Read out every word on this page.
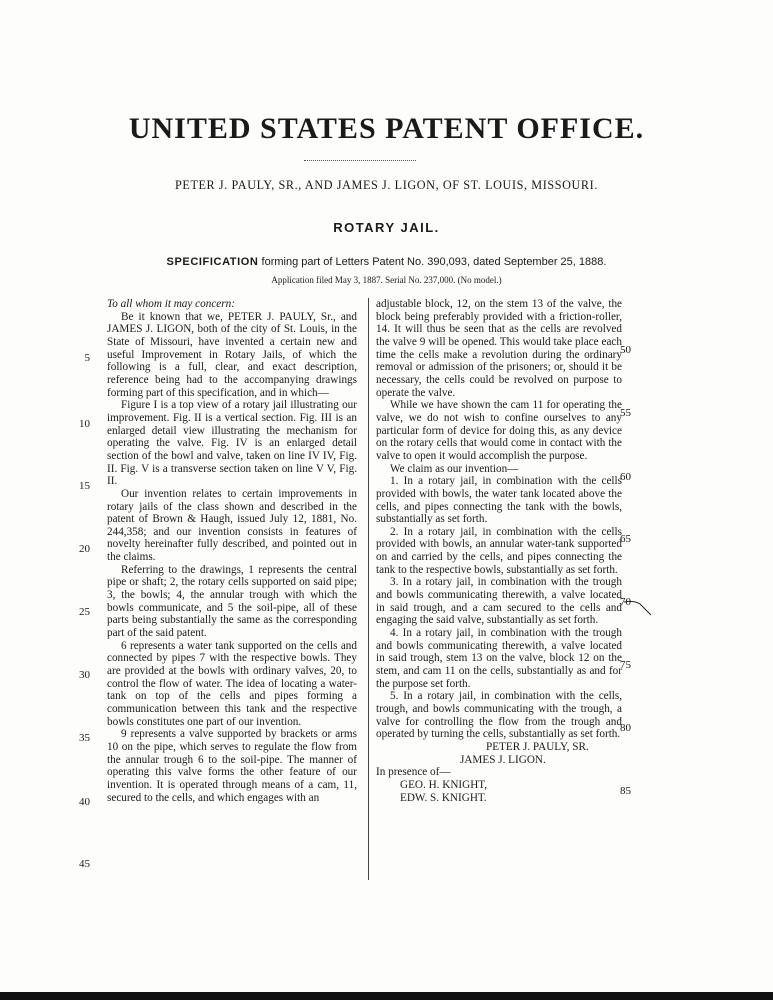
UNITED STATES PATENT OFFICE.

PETER J. PAULY, SR., AND JAMES J. LIGON, OF ST. LOUIS, MISSOURI.

ROTARY JAIL.

SPECIFICATION forming part of Letters Patent No. 390,093, dated September 25, 1888.

Application filed May 3, 1887. Serial No. 237,000. (No model.)

To all whom it may concern:

Be it known that we, PETER J. PAULY, Sr., and JAMES J. LIGON, both of the city of St. Louis, in the State of Missouri, have invented a certain new and useful Improvement in Rotary Jails, of which the following is a full, clear, and exact description, reference being had to the accompanying drawings forming part of this specification, and in which—

Figure I is a top view of a rotary jail illustrating our improvement. Fig. II is a vertical section. Fig. III is an enlarged detail view illustrating the mechanism for operating the valve. Fig. IV is an enlarged detail section of the bowl and valve, taken on line IV IV, Fig. II. Fig. V is a transverse section taken on line V V, Fig. II.

Our invention relates to certain improvements in rotary jails of the class shown and described in the patent of Brown & Haugh, issued July 12, 1881, No. 244,358; and our invention consists in features of novelty hereinafter fully described, and pointed out in the claims.

Referring to the drawings, 1 represents the central pipe or shaft; 2, the rotary cells supported on said pipe; 3, the bowls; 4, the annular trough with which the bowls communicate, and 5 the soil-pipe, all of these parts being substantially the same as the corresponding part of the said patent.

6 represents a water tank supported on the cells and connected by pipes 7 with the respective bowls. They are provided at the bowls with ordinary valves, 20, to control the flow of water. The idea of locating a water-tank on top of the cells and pipes forming a communication between this tank and the respective bowls constitutes one part of our invention.

9 represents a valve supported by brackets or arms 10 on the pipe, which serves to regulate the flow from the annular trough 6 to the soil-pipe. The manner of operating this valve forms the other feature of our invention. It is operated through means of a cam, 11, secured to the cells, and which engages with an

adjustable block, 12, on the stem 13 of the valve, the block being preferably provided with a friction-roller, 14. It will thus be seen that as the cells are revolved the valve 9 will be opened. This would take place each time the cells make a revolution during the ordinary removal or admission of the prisoners; or, should it be necessary, the cells could be revolved on purpose to operate the valve.

While we have shown the cam 11 for operating the valve, we do not wish to confine ourselves to any particular form of device for doing this, as any device on the rotary cells that would come in contact with the valve to open it would accomplish the purpose.

We claim as our invention—

1. In a rotary jail, in combination with the cells provided with bowls, the water tank located above the cells, and pipes connecting the tank with the bowls, substantially as set forth.

2. In a rotary jail, in combination with the cells provided with bowls, an annular water-tank supported on and carried by the cells, and pipes connecting the tank to the respective bowls, substantially as set forth.

3. In a rotary jail, in combination with the trough and bowls communicating therewith, a valve located in said trough, and a cam secured to the cells and engaging the said valve, substantially as set forth.

4. In a rotary jail, in combination with the trough and bowls communicating therewith, a valve located in said trough, stem 13 on the valve, block 12 on the stem, and cam 11 on the cells, substantially as and for the purpose set forth.

5. In a rotary jail, in combination with the cells, trough, and bowls communicating with the trough, a valve for controlling the flow from the trough and operated by turning the cells, substantially as set forth.

PETER J. PAULY, SR.

JAMES J. LIGON.

In presence of—

GEO. H. KNIGHT,

EDW. S. KNIGHT.

5
10
15
20
25
30
35
40
45
50
55
60
65
70
75
80
85
